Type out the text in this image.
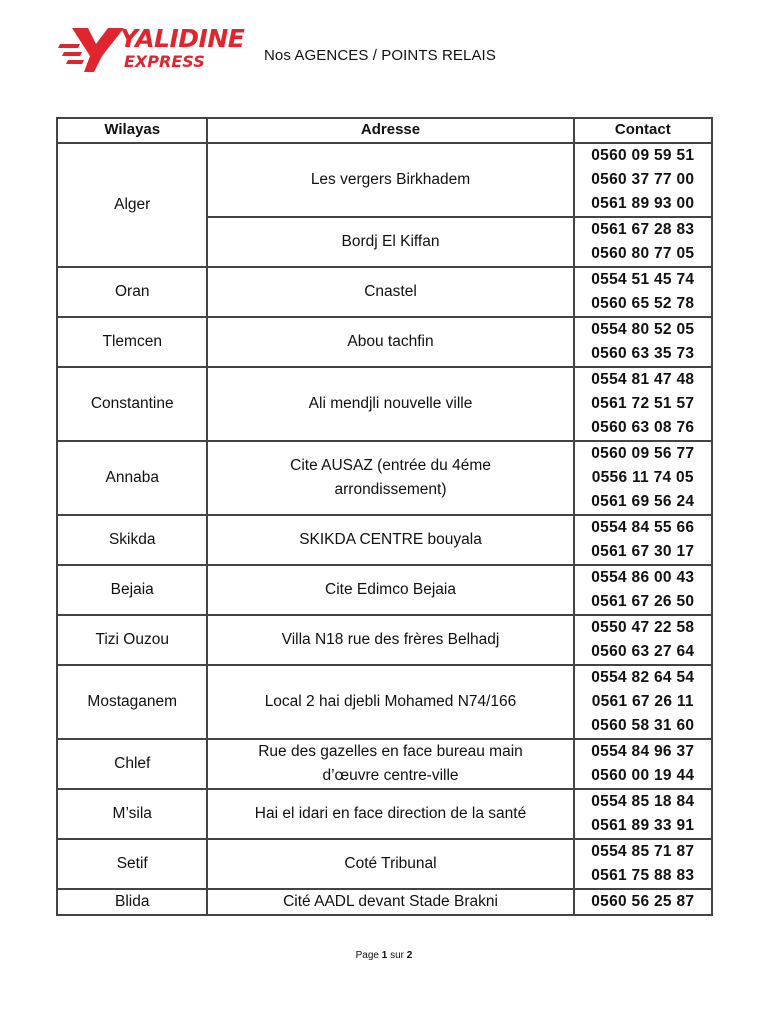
YALIDINE
EXPRESS	Nos AGENCES / POINTS RELAIS
Wilayas	Adresse	Contact
Alger	Les vergers Birkhadem	0560 09 59 51
0560 37 77 00
0561 89 93 00

	Bordj El Kiffan	0561 67 28 83
0560 80 77 05

Oran	Cnastel	0554 51 45 74
0560 65 52 78

Tlemcen	Abou tachfin	0554 80 52 05
0560 63 35 73

Constantine	Ali mendjli nouvelle ville	0554 81 47 48
0561 72 51 57
0560 63 08 76

Annaba	Cite AUSAZ (entrée du 4éme
arrondissement)	0560 09 56 77
0556 11 74 05
0561 69 56 24

Skikda	SKIKDA CENTRE bouyala	0554 84 55 66
0561 67 30 17

Bejaia	Cite Edimco Bejaia	0554 86 00 43
0561 67 26 50

Tizi Ouzou	Villa N18 rue des frères Belhadj	0550 47 22 58
0560 63 27 64

Mostaganem	Local 2 hai djebli Mohamed N74/166	0554 82 64 54
0561 67 26 11
0560 58 31 60

Chlef	Rue des gazelles en face bureau main
d’œuvre centre-ville	0554 84 96 37
0560 00 19 44

M’sila	Hai el idari en face direction de la santé	0554 85 18 84
0561 89 33 91

Setif	Coté Tribunal	0554 85 71 87
0561 75 88 83

Blida	Cité AADL devant Stade Brakni	0560 56 25 87
Page 1 sur 2
